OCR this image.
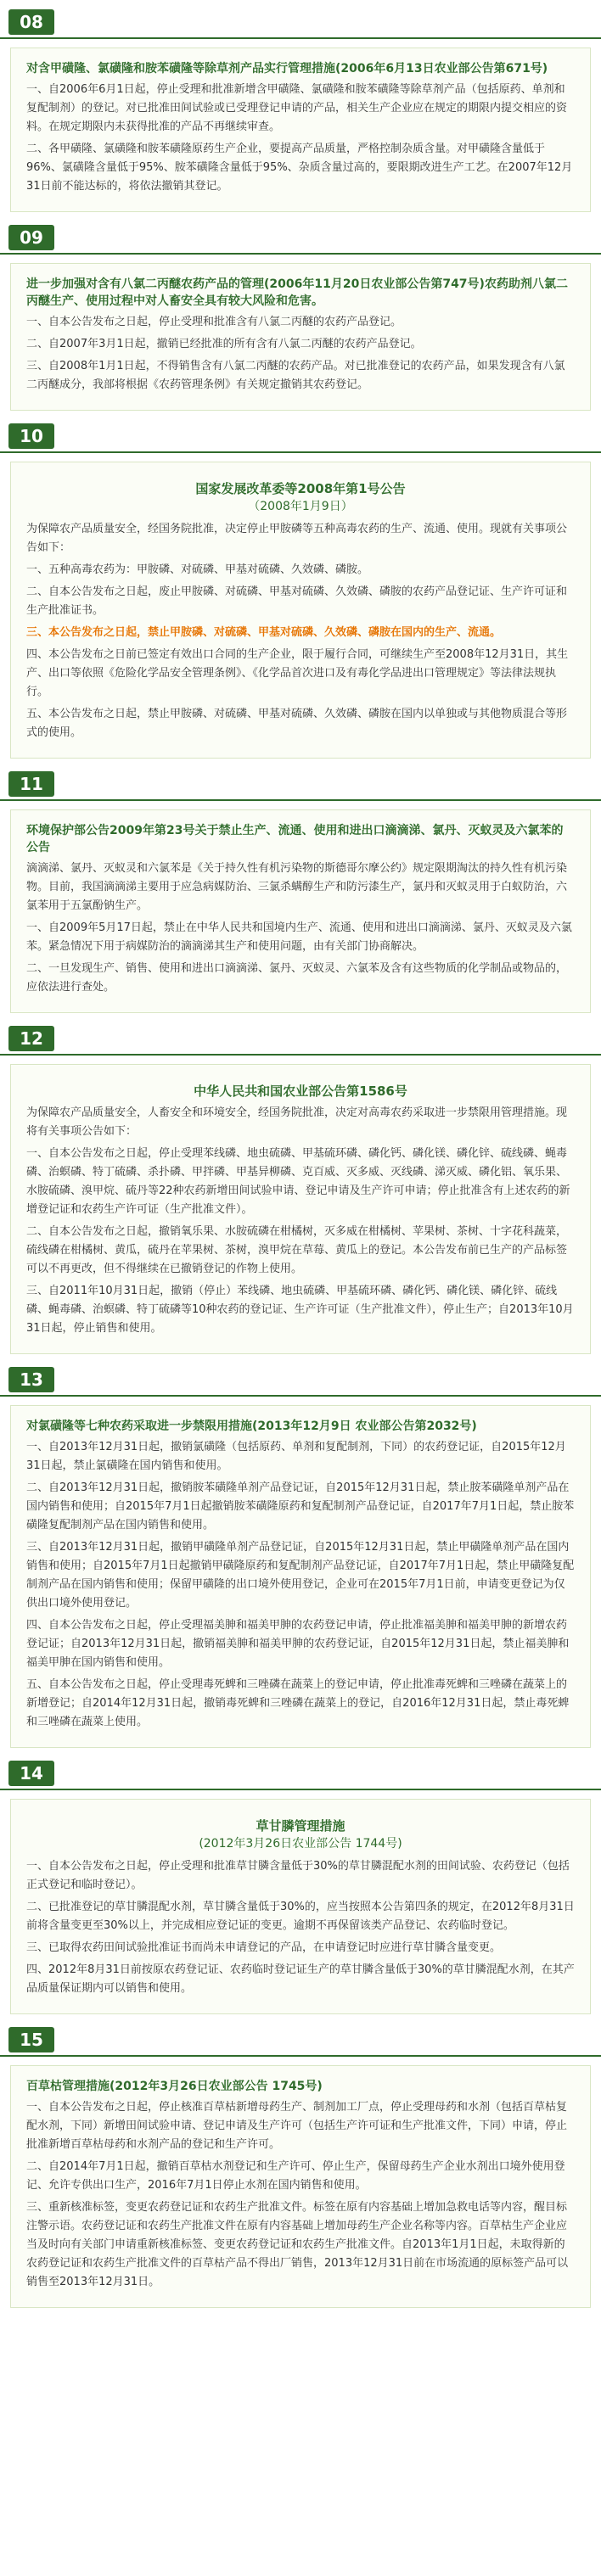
08
对含甲磺隆、氯磺隆和胺苯磺隆等除草剂产品实行管理措施(2006年6月13日农业部公告第671号)
一、自2006年6月1日起，停止受理和批准新增含甲磺隆、氯磺隆和胺苯磺隆等除草剂产品（包括原药、单剂和复配制剂）的登记。对已批准田间试验或已受理登记申请的产品，相关生产企业应在规定的期限内提交相应的资料。在规定期限内未获得批准的产品不再继续审查。
二、各甲磺隆、氯磺隆和胺苯磺隆原药生产企业，要提高产品质量，严格控制杂质含量。对甲磺隆含量低于96%、氯磺隆含量低于95%、胺苯磺隆含量低于95%、杂质含量过高的，要限期改进生产工艺。在2007年12月31日前不能达标的，将依法撤销其登记。
09
进一步加强对含有八氯二丙醚农药产品的管理(2006年11月20日农业部公告第747号)农药助剂八氯二丙醚生产、使用过程中对人畜安全具有较大风险和危害。
一、自本公告发布之日起，停止受理和批准含有八氯二丙醚的农药产品登记。
二、自2007年3月1日起，撤销已经批准的所有含有八氯二丙醚的农药产品登记。
三、自2008年1月1日起，不得销售含有八氯二丙醚的农药产品。对已批准登记的农药产品，如果发现含有八氯二丙醚成分，我部将根据《农药管理条例》有关规定撤销其农药登记。
10
国家发展改革委等2008年第1号公告
（2008年1月9日）
为保障农产品质量安全，经国务院批准，决定停止甲胺磷等五种高毒农药的生产、流通、使用。现就有关事项公告如下：
一、五种高毒农药为：甲胺磷、对硫磷、甲基对硫磷、久效磷、磷胺。
二、自本公告发布之日起，废止甲胺磷、对硫磷、甲基对硫磷、久效磷、磷胺的农药产品登记证、生产许可证和生产批准证书。
三、本公告发布之日起，禁止甲胺磷、对硫磷、甲基对硫磷、久效磷、磷胺在国内的生产、流通。
四、本公告发布之日前已签定有效出口合同的生产企业，限于履行合同，可继续生产至2008年12月31日，其生产、出口等依照《危险化学品安全管理条例》、《化学品首次进口及有毒化学品进出口管理规定》等法律法规执行。
五、本公告发布之日起，禁止甲胺磷、对硫磷、甲基对硫磷、久效磷、磷胺在国内以单独或与其他物质混合等形式的使用。
11
环境保护部公告2009年第23号关于禁止生产、流通、使用和进出口滴滴涕、氯丹、灭蚁灵及六氯苯的公告
滴滴涕、氯丹、灭蚁灵和六氯苯是《关于持久性有机污染物的斯德哥尔摩公约》规定限期淘汰的持久性有机污染物。目前，我国滴滴涕主要用于应急病媒防治、三氯杀螨醇生产和防污漆生产，氯丹和灭蚁灵用于白蚁防治，六氯苯用于五氯酚钠生产。
一、自2009年5月17日起，禁止在中华人民共和国境内生产、流通、使用和进出口滴滴涕、氯丹、灭蚁灵及六氯苯。紧急情况下用于病媒防治的滴滴涕其生产和使用问题，由有关部门协商解决。
二、一旦发现生产、销售、使用和进出口滴滴涕、氯丹、灭蚁灵、六氯苯及含有这些物质的化学制品或物品的，应依法进行查处。
12
中华人民共和国农业部公告第1586号
为保障农产品质量安全，人畜安全和环境安全，经国务院批准，决定对高毒农药采取进一步禁限用管理措施。现将有关事项公告如下：
一、自本公告发布之日起，停止受理苯线磷、地虫硫磷、甲基硫环磷、磷化钙、磷化镁、磷化锌、硫线磷、蝇毒磷、治螟磷、特丁硫磷、杀扑磷、甲拌磷、甲基异柳磷、克百威、灭多威、灭线磷、涕灭威、磷化铝、氧乐果、水胺硫磷、溴甲烷、硫丹等22种农药新增田间试验申请、登记申请及生产许可申请；停止批准含有上述农药的新增登记证和农药生产许可证（生产批准文件）。
二、自本公告发布之日起，撤销氧乐果、水胺硫磷在柑橘树，灭多威在柑橘树、苹果树、茶树、十字花科蔬菜，硫线磷在柑橘树、黄瓜，硫丹在苹果树、茶树，溴甲烷在草莓、黄瓜上的登记。本公告发布前已生产的产品标签可以不再更改，但不得继续在已撤销登记的作物上使用。
三、自2011年10月31日起，撤销（停止）苯线磷、地虫硫磷、甲基硫环磷、磷化钙、磷化镁、磷化锌、硫线磷、蝇毒磷、治螟磷、特丁硫磷等10种农药的登记证、生产许可证（生产批准文件），停止生产；自2013年10月31日起，停止销售和使用。
13
对氯磺隆等七种农药采取进一步禁限用措施(2013年12月9日 农业部公告第2032号)
一、自2013年12月31日起，撤销氯磺隆（包括原药、单剂和复配制剂，下同）的农药登记证，自2015年12月31日起，禁止氯磺隆在国内销售和使用。
二、自2013年12月31日起，撤销胺苯磺隆单剂产品登记证，自2015年12月31日起，禁止胺苯磺隆单剂产品在国内销售和使用；自2015年7月1日起撤销胺苯磺隆原药和复配制剂产品登记证，自2017年7月1日起，禁止胺苯磺隆复配制剂产品在国内销售和使用。
三、自2013年12月31日起，撤销甲磺隆单剂产品登记证，自2015年12月31日起，禁止甲磺隆单剂产品在国内销售和使用；自2015年7月1日起撤销甲磺隆原药和复配制剂产品登记证，自2017年7月1日起，禁止甲磺隆复配制剂产品在国内销售和使用；保留甲磺隆的出口境外使用登记，企业可在2015年7月1日前，申请变更登记为仅供出口境外使用登记。
四、自本公告发布之日起，停止受理福美胂和福美甲胂的农药登记申请，停止批准福美胂和福美甲胂的新增农药登记证；自2013年12月31日起，撤销福美胂和福美甲胂的农药登记证，自2015年12月31日起，禁止福美胂和福美甲胂在国内销售和使用。
五、自本公告发布之日起，停止受理毒死蜱和三唑磷在蔬菜上的登记申请，停止批准毒死蜱和三唑磷在蔬菜上的新增登记；自2014年12月31日起，撤销毒死蜱和三唑磷在蔬菜上的登记，自2016年12月31日起，禁止毒死蜱和三唑磷在蔬菜上使用。
14
草甘膦管理措施
(2012年3月26日农业部公告 1744号)
一、自本公告发布之日起，停止受理和批准草甘膦含量低于30%的草甘膦混配水剂的田间试验、农药登记（包括正式登记和临时登记）。
二、已批准登记的草甘膦混配水剂，草甘膦含量低于30%的，应当按照本公告第四条的规定，在2012年8月31日前将含量变更至30%以上，并完成相应登记证的变更。逾期不再保留该类产品登记、农药临时登记。
三、已取得农药田间试验批准证书而尚未申请登记的产品，在申请登记时应进行草甘膦含量变更。
四、2012年8月31日前按原农药登记证、农药临时登记证生产的草甘膦含量低于30%的草甘膦混配水剂，在其产品质量保证期内可以销售和使用。
15
百草枯管理措施(2012年3月26日农业部公告 1745号)
一、自本公告发布之日起，停止核准百草枯新增母药生产、制剂加工厂点，停止受理母药和水剂（包括百草枯复配水剂，下同）新增田间试验申请、登记申请及生产许可（包括生产许可证和生产批准文件，下同）申请，停止批准新增百草枯母药和水剂产品的登记和生产许可。
二、自2014年7月1日起，撤销百草枯水剂登记和生产许可、停止生产，保留母药生产企业水剂出口境外使用登记、允许专供出口生产，2016年7月1日停止水剂在国内销售和使用。
三、重新核准标签，变更农药登记证和农药生产批准文件。标签在原有内容基础上增加急救电话等内容，醒目标注警示语。农药登记证和农药生产批准文件在原有内容基础上增加母药生产企业名称等内容。百草枯生产企业应当及时向有关部门申请重新核准标签、变更农药登记证和农药生产批准文件。自2013年1月1日起，未取得新的农药登记证和农药生产批准文件的百草枯产品不得出厂销售，2013年12月31日前在市场流通的原标签产品可以销售至2013年12月31日。
